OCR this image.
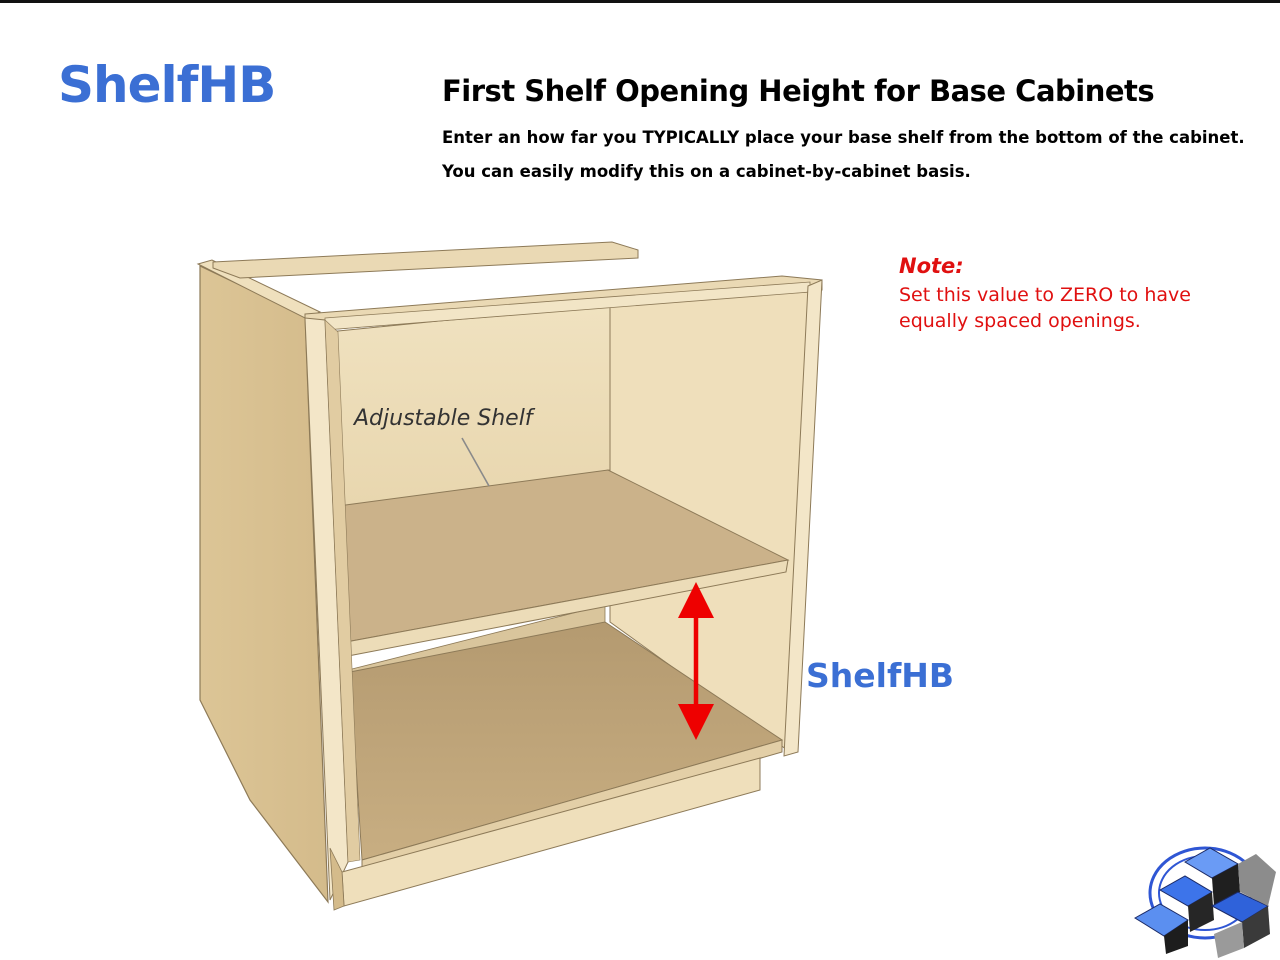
ShelfHB	First Shelf Opening Height for Base Cabinets

Enter an how far you TYPICALLY place your base shelf from the bottom of the cabinet.

You can easily modify this on a cabinet-by-cabinet basis.

Note:

Set this value to ZERO to have equally spaced openings.

Adjustable Shelf
ShelfHB
